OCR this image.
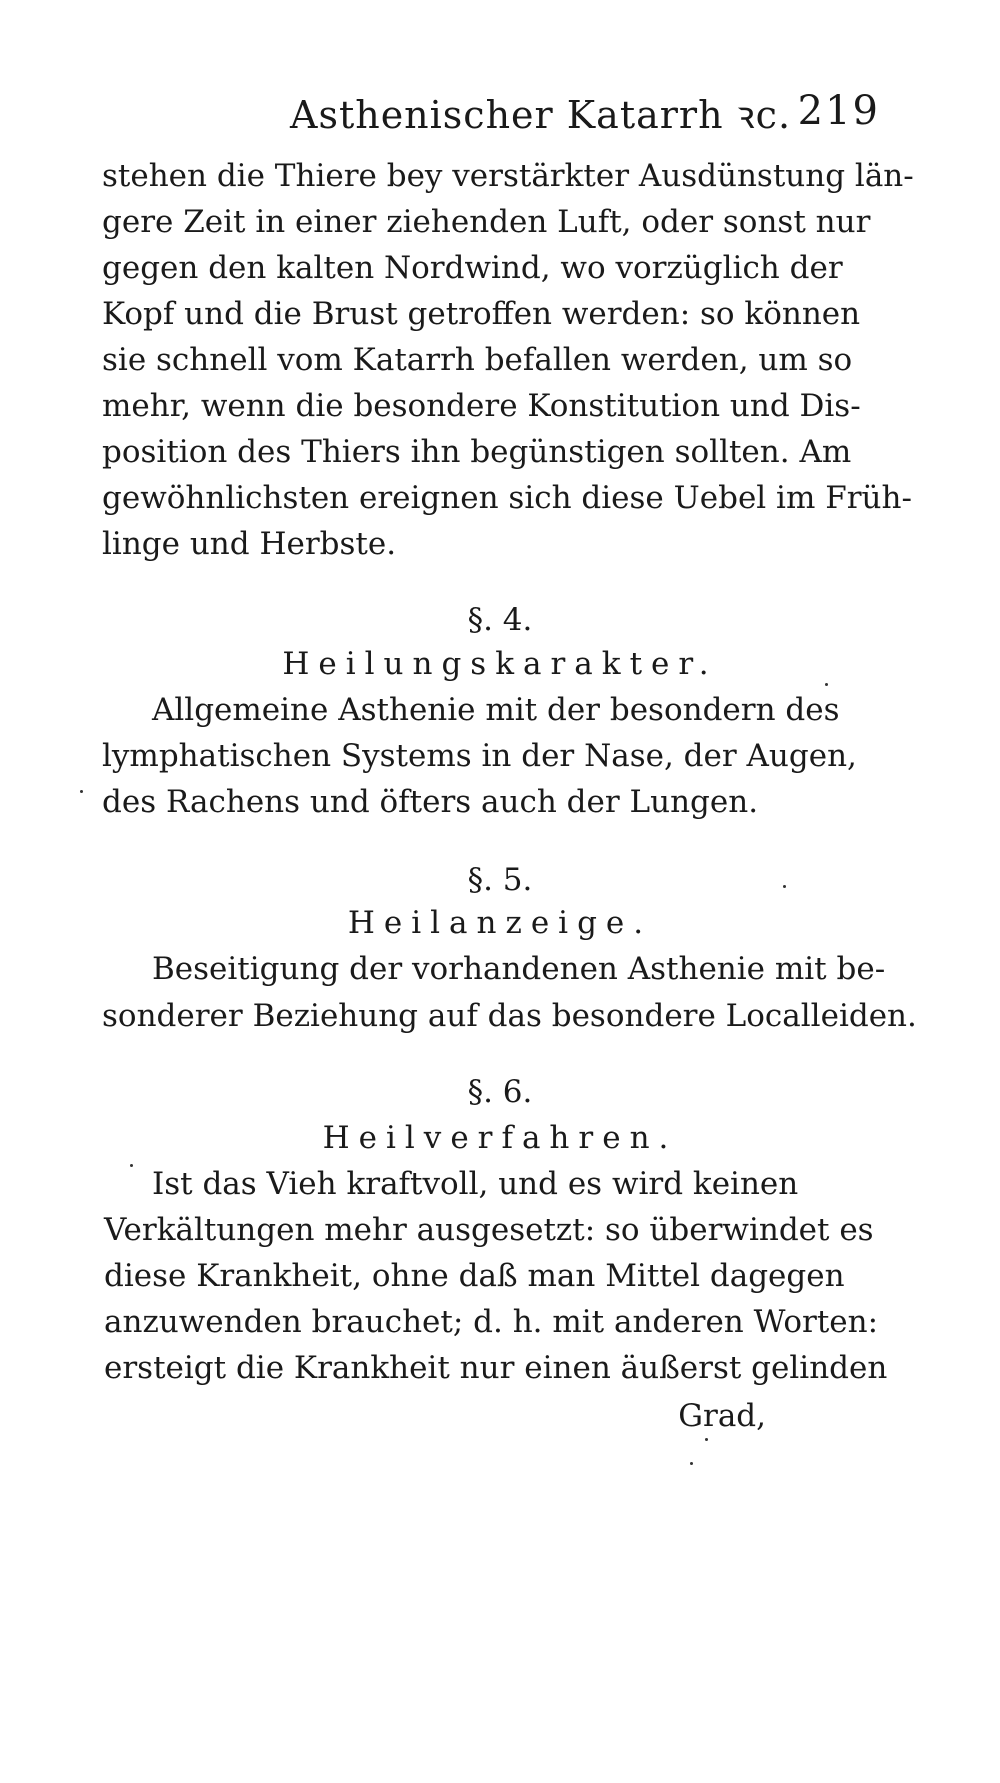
Asthenischer Katarrh ꝛc. 219
stehen die Thiere bey verstärkter Ausdünstung län-
gere Zeit in einer ziehenden Luft, oder sonst nur
gegen den kalten Nordwind, wo vorzüglich der
Kopf und die Brust getroffen werden: so können
sie schnell vom Katarrh befallen werden, um so
mehr, wenn die besondere Konstitution und Dis-
position des Thiers ihn begünstigen sollten. Am
gewöhnlichsten ereignen sich diese Uebel im Früh-
linge und Herbste.
§. 4.
Heilungskarakter.
Allgemeine Asthenie mit der besondern des
lymphatischen Systems in der Nase, der Augen,
des Rachens und öfters auch der Lungen.
§. 5.
Heilanzeige.
Beseitigung der vorhandenen Asthenie mit be-
sonderer Beziehung auf das besondere Localleiden.
§. 6.
Heilverfahren.
Ist das Vieh kraftvoll, und es wird keinen
Verkältungen mehr ausgesetzt: so überwindet es
diese Krankheit, ohne daß man Mittel dagegen
anzuwenden brauchet; d. h. mit anderen Worten:
ersteigt die Krankheit nur einen äußerst gelinden
Grad,
